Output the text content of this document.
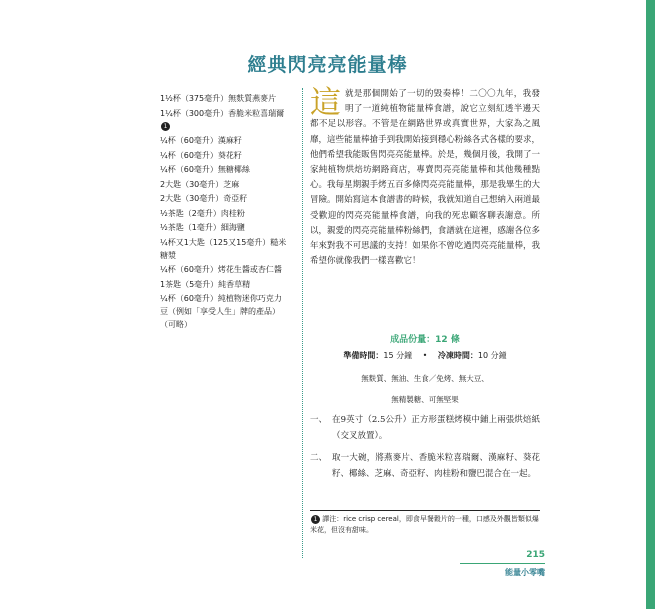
經典閃亮亮能量棒
1½杯（375毫升）無麩質燕麥片
1¼杯（300毫升）香脆米粒喜瑞爾1
¼杯（60毫升）漢麻籽
¼杯（60毫升）葵花籽
¼杯（60毫升）無糖椰絲
2大匙（30毫升）芝麻
2大匙（30毫升）奇亞籽
½茶匙（2毫升）肉桂粉
½茶匙（1毫升）細海鹽
¼杯又1大匙（125又15毫升）糙米糖漿
¼杯（60毫升）烤花生醬或杏仁醬
1茶匙（5毫升）純香草精
¼杯（60毫升）純植物迷你巧克力豆（例如「享受人生」牌的產品）（可略）
這就是那個開始了一切的毀奏棒！二〇〇九年，我發明了一道純植物能量棒食譜，說它立刻紅透半邊天都不足以形容。不管是在網路世界或真實世界，大家為之風靡，這些能量棒搶手到我開始接到穩心粉絲各式各樣的要求，他們希望我能販售閃亮亮能量棒。於是，幾個月後，我開了一家純植物烘焙坊網路商店，專賣閃亮亮能量棒和其他幾種點心。我每星期親手烤五百多條閃亮亮能量棒，那是我畢生的大冒險。開始寫這本食譜書的時候，我就知道自己想納入兩道最受歡迎的閃亮亮能量棒食譜，向我的死忠顧客聊表謝意。所以，親愛的閃亮亮能量棒粉絲們，食譜就在這裡，感謝各位多年來對我不可思議的支持！如果你不曾吃過閃亮亮能量棒，我希望你就像我們一樣喜歡它！
成品份量：12 條
準備時間：15 分鐘 • 冷凍時間：10 分鐘
無麩質、無油、生食／免烤、無大豆、
無精製糖、可無堅果
一、 在9英寸（2.5公升）正方形蛋糕烤模中鋪上兩張烘焙紙（交叉放置）。
二、 取一大碗，將燕麥片、香脆米粒喜瑞爾、漢麻籽、葵花籽、椰絲、芝麻、奇亞籽、肉桂粉和鹽巴混合在一起。
1 譯注：rice crisp cereal，即食早餐穀片的一種，口感及外觀皆類似爆米花，但沒有甜味。
215
能量小零嘴
